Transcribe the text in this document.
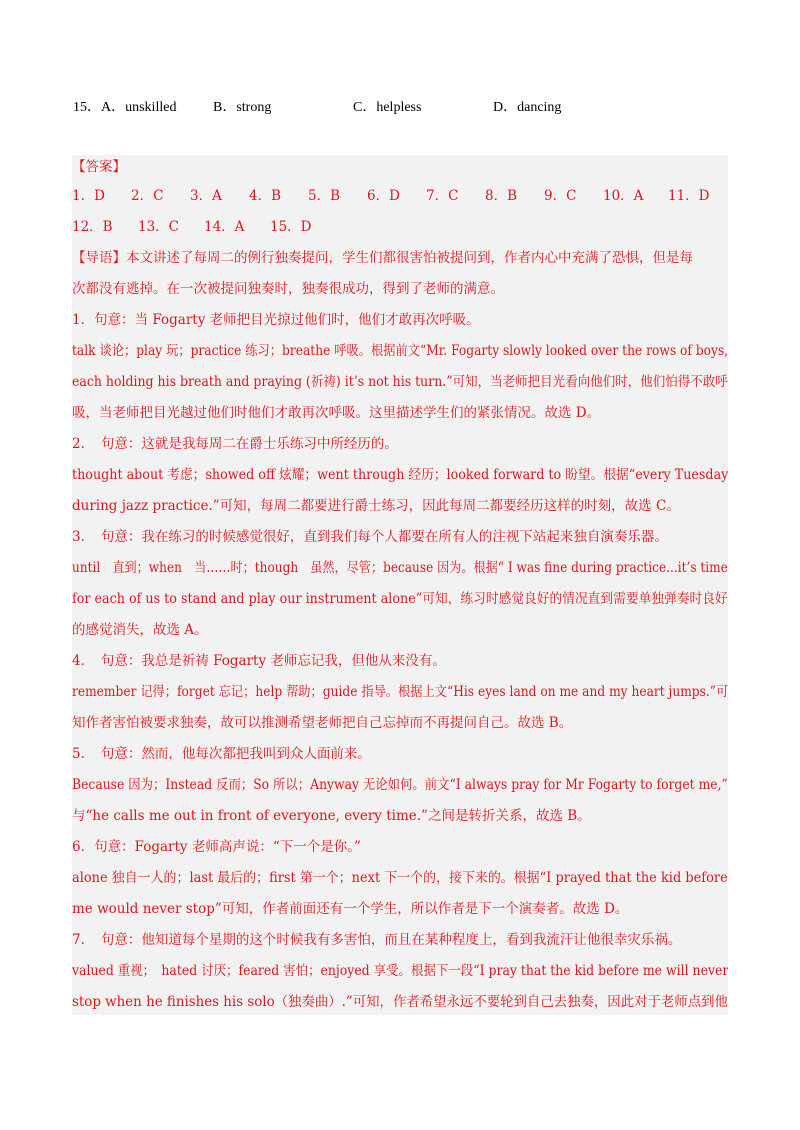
15． A．unskilled	B．strong	C．helpless	D．dancing
【答案】
1．D 2．C 3．A 4．B 5．B 6．D 7．C 8．B 9．C 10．A 11．D
12．B 13．C 14．A 15．D
【导语】本文讲述了每周二的例行独奏提问，学生们都很害怕被提问到，作者内心中充满了恐惧，但是每
次都没有逃掉。在一次被提问独奏时，独奏很成功，得到了老师的满意。
1．句意：当 Fogarty 老师把目光掠过他们时，他们才敢再次呼吸。
talk 谈论；play 玩；practice 练习；breathe 呼吸。根据前文“Mr. Fogarty slowly looked over the rows of boys,
each holding his breath and praying (祈祷) it’s not his turn.”可知，当老师把目光看向他们时，他们怕得不敢呼
吸，当老师把目光越过他们时他们才敢再次呼吸。这里描述学生们的紧张情况。故选 D。
2．　句意：这就是我每周二在爵士乐练习中所经历的。
thought about 考虑；showed off 炫耀；went through 经历；looked forward to 盼望。根据“every Tuesday
during jazz practice.”可知，每周二都要进行爵士练习，因此每周二都要经历这样的时刻，故选 C。
3．　句意：我在练习的时候感觉很好，直到我们每个人都要在所有人的注视下站起来独自演奏乐器。
until　直到；when　当……时；though　虽然，尽管；because 因为。根据“ I was fine during practice...it’s time
for each of us to stand and play our instrument alone”可知，练习时感觉良好的情况直到需要单独弹奏时良好
的感觉消失，故选 A。
4．　句意：我总是祈祷 Fogarty 老师忘记我，但他从来没有。
remember 记得；forget 忘记；help 帮助；guide 指导。根据上文“His eyes land on me and my heart jumps.”可
知作者害怕被要求独奏，故可以推测希望老师把自己忘掉而不再提问自己。故选 B。
5．　句意：然而，他每次都把我叫到众人面前来。
Because 因为；Instead 反而；So 所以；Anyway 无论如何。前文“I always pray for Mr Fogarty to forget me,”
与“he calls me out in front of everyone, every time.”之间是转折关系，故选 B。
6．句意：Fogarty 老师高声说：“下一个是你。”
alone 独自一人的；last 最后的；first 第一个；next 下一个的，接下来的。根据“I prayed that the kid before
me would never stop”可知，作者前面还有一个学生，所以作者是下一个演奏者。故选 D。
7．　句意：他知道每个星期的这个时候我有多害怕，而且在某种程度上，看到我流汗让他很幸灾乐祸。
valued 重视；　hated 讨厌；feared 害怕；enjoyed 享受。根据下一段“I pray that the kid before me will never
stop when he finishes his solo（独奏曲）.”可知，作者希望永远不要轮到自己去独奏，因此对于老师点到他
